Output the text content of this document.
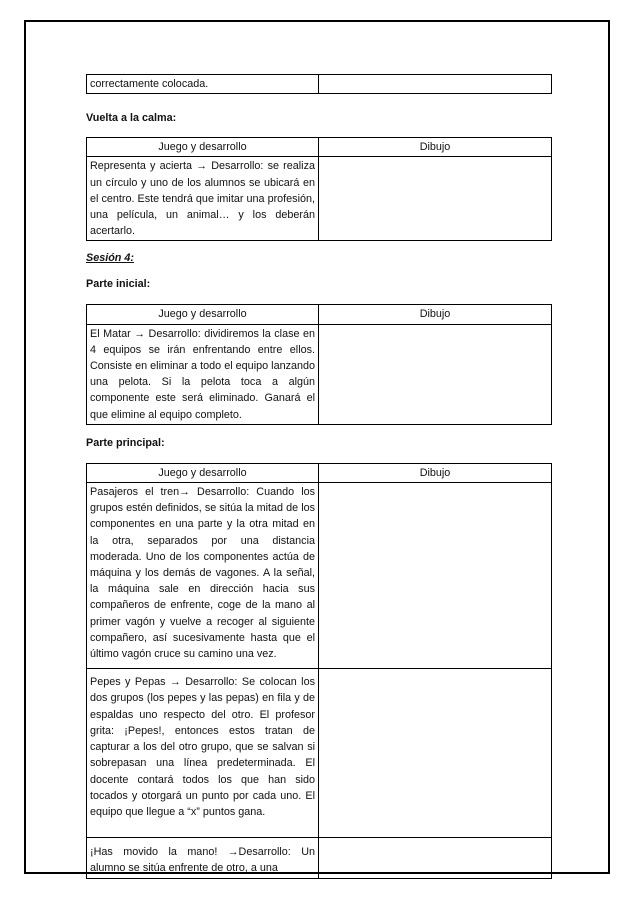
correctamente colocada.	

Vuelta a la calma:

Juego y desarrollo	Dibujo
Representa y acierta → Desarrollo: se realiza un círculo y uno de los alumnos se ubicará en el centro. Este tendrá que imitar una profesión, una película, un animal… y los deberán acertarlo.	

Sesión 4:

Parte inicial:

Juego y desarrollo	Dibujo
El Matar → Desarrollo: dividiremos la clase en 4 equipos se irán enfrentando entre ellos. Consiste en eliminar a todo el equipo lanzando una pelota. Si la pelota toca a algún componente este será eliminado. Ganará el que elimine al equipo completo.	

Parte principal:

Juego y desarrollo	Dibujo
Pasajeros el tren→ Desarrollo: Cuando los grupos estén definidos, se sitúa la mitad de los componentes en una parte y la otra mitad en la otra, separados por una distancia moderada. Uno de los componentes actúa de máquina y los demás de vagones. A la señal, la máquina sale en dirección hacia sus compañeros de enfrente, coge de la mano al primer vagón y vuelve a recoger al siguiente compañero, así sucesivamente hasta que el último vagón cruce su camino una vez.	
Pepes y Pepas → Desarrollo: Se colocan los dos grupos (los pepes y las pepas) en fila y de espaldas uno respecto del otro. El profesor grita: ¡Pepes!, entonces estos tratan de capturar a los del otro grupo, que se salvan si sobrepasan una línea predeterminada. El docente contará todos los que han sido tocados y otorgará un punto por cada uno. El equipo que llegue a “x” puntos gana.	
¡Has movido la mano! →Desarrollo: Un alumno se sitúa enfrente de otro, a una	
